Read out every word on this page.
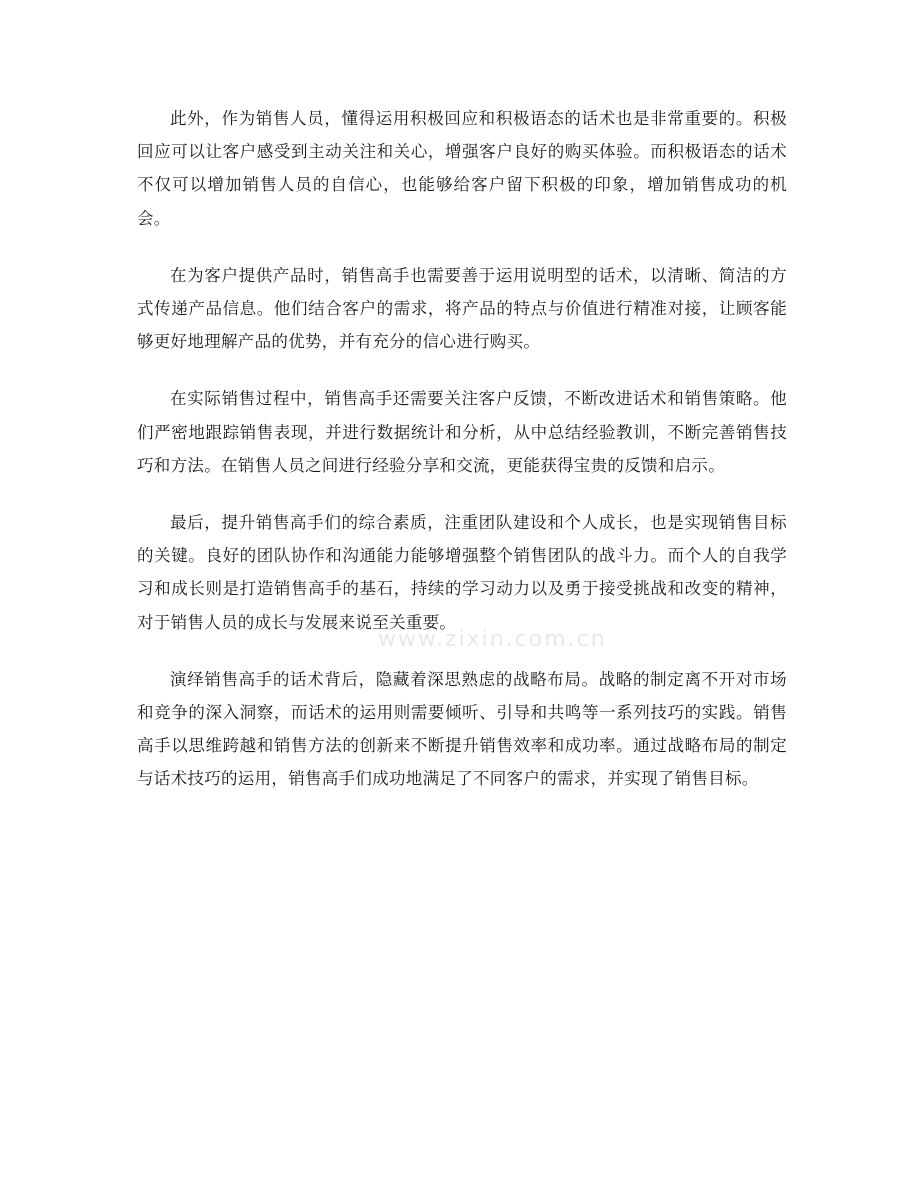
此外，作为销售人员，懂得运用积极回应和积极语态的话术也是非常重要的。积极回应可以让客户感受到主动关注和关心，增强客户良好的购买体验。而积极语态的话术不仅可以增加销售人员的自信心，也能够给客户留下积极的印象，增加销售成功的机会。

在为客户提供产品时，销售高手也需要善于运用说明型的话术，以清晰、简洁的方式传递产品信息。他们结合客户的需求，将产品的特点与价值进行精准对接，让顾客能够更好地理解产品的优势，并有充分的信心进行购买。

在实际销售过程中，销售高手还需要关注客户反馈，不断改进话术和销售策略。他们严密地跟踪销售表现，并进行数据统计和分析，从中总结经验教训，不断完善销售技巧和方法。在销售人员之间进行经验分享和交流，更能获得宝贵的反馈和启示。

最后，提升销售高手们的综合素质，注重团队建设和个人成长，也是实现销售目标的关键。良好的团队协作和沟通能力能够增强整个销售团队的战斗力。而个人的自我学习和成长则是打造销售高手的基石，持续的学习动力以及勇于接受挑战和改变的精神，对于销售人员的成长与发展来说至关重要。

演绎销售高手的话术背后，隐藏着深思熟虑的战略布局。战略的制定离不开对市场和竞争的深入洞察，而话术的运用则需要倾听、引导和共鸣等一系列技巧的实践。销售高手以思维跨越和销售方法的创新来不断提升销售效率和成功率。通过战略布局的制定与话术技巧的运用，销售高手们成功地满足了不同客户的需求，并实现了销售目标。

www.zixin.com.cn
